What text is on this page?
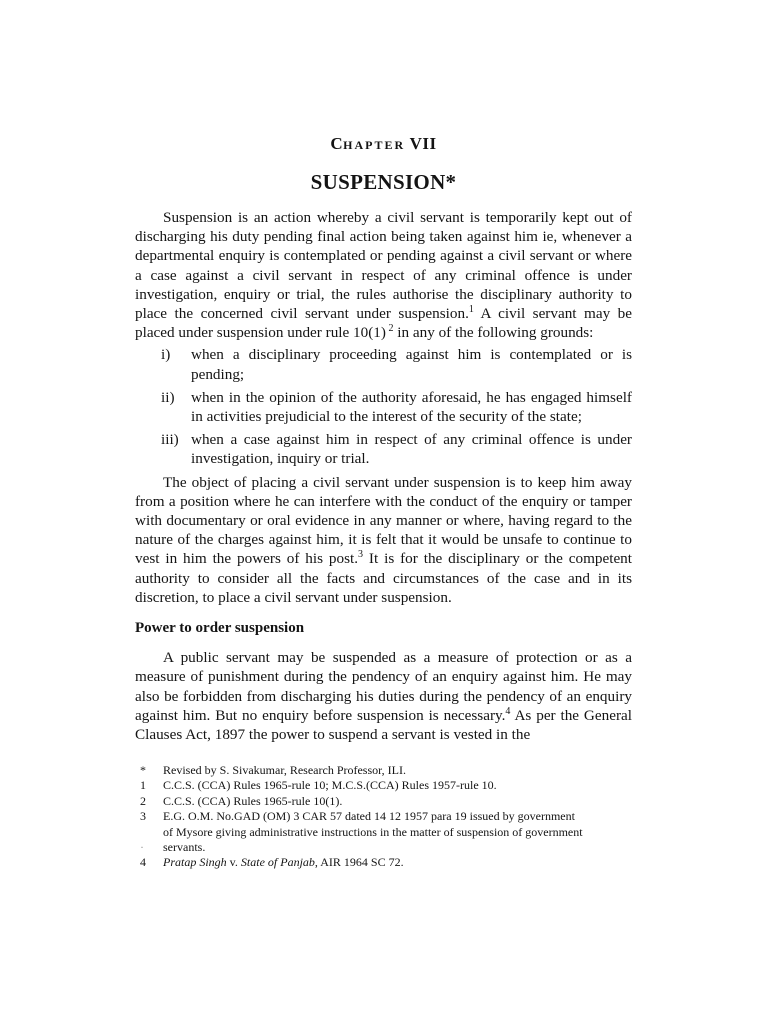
CHAPTER VII
SUSPENSION*

Suspension is an action whereby a civil servant is temporarily kept out of discharging his duty pending final action being taken against him ie, whenever a departmental enquiry is contemplated or pending against a civil servant or where a case against a civil servant in respect of any criminal offence is under investigation, enquiry or trial, the rules authorise the disciplinary authority to place the concerned civil servant under suspension.$^1$ A civil servant may be placed under suspension under rule 10(1) $^2$ in any of the following grounds:

i) when a disciplinary proceeding against him is contemplated or is pending;
ii) when in the opinion of the authority aforesaid, he has engaged himself in activities prejudicial to the interest of the security of the state;
iii) when a case against him in respect of any criminal offence is under investigation, inquiry or trial.

The object of placing a civil servant under suspension is to keep him away from a position where he can interfere with the conduct of the enquiry or tamper with documentary or oral evidence in any manner or where, having regard to the nature of the charges against him, it is felt that it would be unsafe to continue to vest in him the powers of his post.$^3$ It is for the disciplinary or the competent authority to consider all the facts and circumstances of the case and in its discretion, to place a civil servant under suspension.

Power to order suspension

A public servant may be suspended as a measure of protection or as a measure of punishment during the pendency of an enquiry against him. He may also be forbidden from discharging his duties during the pendency of an enquiry against him. But no enquiry before suspension is necessary.$^4$ As per the General Clauses Act, 1897 the power to suspend a servant is vested in the

* Revised by S. Sivakumar, Research Professor, ILI.
1 C.C.S. (CCA) Rules 1965-rule 10; M.C.S.(CCA) Rules 1957-rule 10.
2 C.C.S. (CCA) Rules 1965-rule 10(1).
3 E.G. O.M. No.GAD (OM) 3 CAR 57 dated 14 12 1957 para 19 issued by government
of Mysore giving administrative instructions in the matter of suspension of government
· servants.
4 Pratap Singh v. State of Panjab, AIR 1964 SC 72.
